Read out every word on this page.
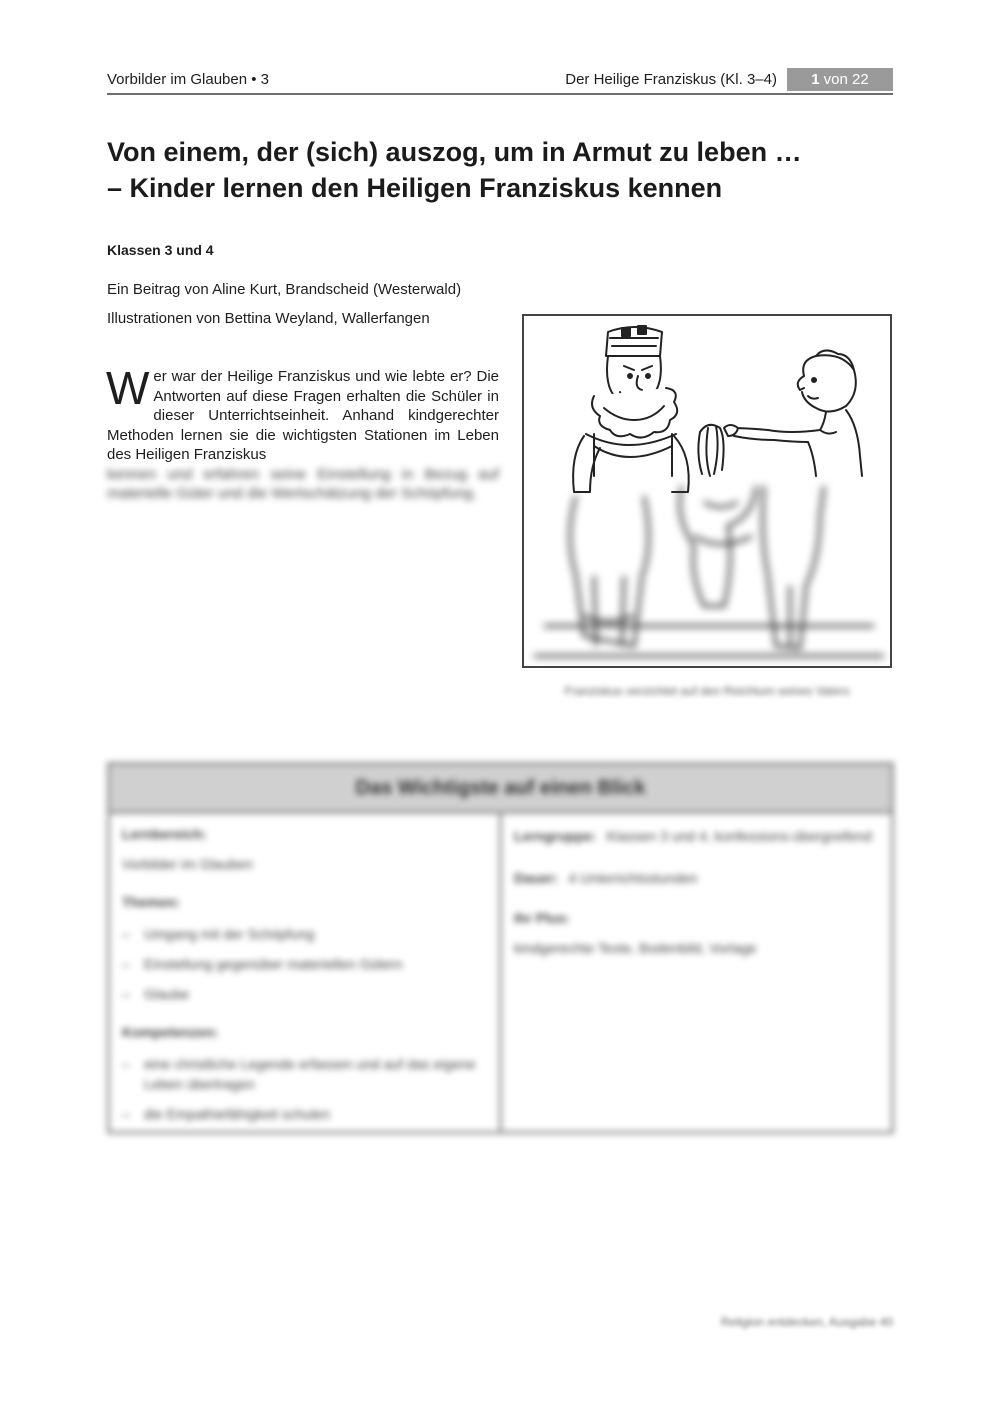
Vorbilder im Glauben • 3	Der Heilige Franziskus (Kl. 3–4) 1 von 22
Von einem, der (sich) auszog, um in Armut zu leben …
– Kinder lernen den Heiligen Franziskus kennen
Klassen 3 und 4
Ein Beitrag von Aline Kurt, Brandscheid (Westerwald)
Illustrationen von Bettina Weyland, Wallerfangen
W er war der Heilige Franziskus und wie lebte er? Die Antworten auf diese Fragen erhalten die Schüler in dieser Unterrichtseinheit. Anhand kindgerechter Methoden lernen sie die wichtigsten Stationen im Leben des Heiligen Franziskus

kennen und erfahren seine Einstellung in Bezug auf materielle Güter und die Wertschätzung der Schöpfung.

Franziskus verzichtet auf den Reichtum seines Vaters
Das Wichtigste auf einen Blick
Lernbereich:
Vorbilder im Glauben
Themen:
– Umgang mit der Schöpfung
– Einstellung gegenüber materiellen Gütern
– Glaube
Kompetenzen:
– eine christliche Legende erfassen und auf das eigene Leben übertragen
– die Empathiefähigkeit schulen
Lerngruppe: Klassen 3 und 4, konfessions-übergreifend
Dauer: 4 Unterrichtsstunden
Ihr Plus:
kindgerechte Texte, Bodenbild, Vorlage
Religion entdecken, Ausgabe 40
